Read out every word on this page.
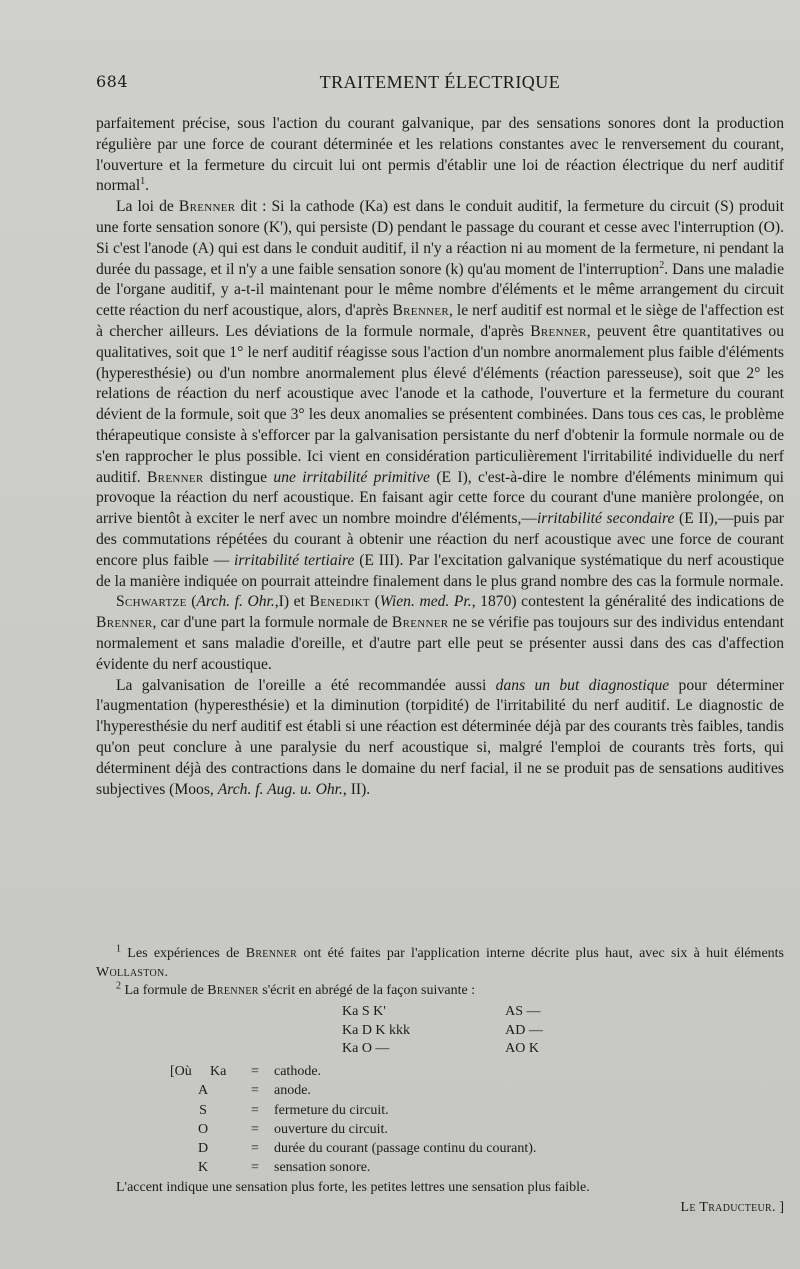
684	TRAITEMENT ÉLECTRIQUE

parfaitement précise, sous l'action du courant galvanique, par des sensations sonores dont la production régulière par une force de courant déterminée et les relations constantes avec le renversement du courant, l'ouverture et la fermeture du circuit lui ont permis d'établir une loi de réaction électrique du nerf auditif normal$^1$.

La loi de Brenner dit : Si la cathode (Ka) est dans le conduit auditif, la fermeture du circuit (S) produit une forte sensation sonore (K'), qui persiste (D) pendant le passage du courant et cesse avec l'interruption (O). Si c'est l'anode (A) qui est dans le conduit auditif, il n'y a réaction ni au moment de la fermeture, ni pendant la durée du passage, et il n'y a une faible sensation sonore (k) qu'au moment de l'interruption$^2$. Dans une maladie de l'organe auditif, y a-t-il maintenant pour le même nombre d'éléments et le même arrangement du circuit cette réaction du nerf acoustique, alors, d'après Brenner, le nerf auditif est normal et le siège de l'affection est à chercher ailleurs. Les déviations de la formule normale, d'après Brenner, peuvent être quantitatives ou qualitatives, soit que 1° le nerf auditif réagisse sous l'action d'un nombre anormalement plus faible d'éléments (hyperesthésie) ou d'un nombre anormalement plus élevé d'éléments (réaction paresseuse), soit que 2° les relations de réaction du nerf acoustique avec l'anode et la cathode, l'ouverture et la fermeture du courant dévient de la formule, soit que 3° les deux anomalies se présentent combinées. Dans tous ces cas, le problème thérapeutique consiste à s'efforcer par la galvanisation persistante du nerf d'obtenir la formule normale ou de s'en rapprocher le plus possible. Ici vient en considération particulièrement l'irritabilité individuelle du nerf auditif. Brenner distingue une irritabilité primitive (E I), c'est-à-dire le nombre d'éléments minimum qui provoque la réaction du nerf acoustique. En faisant agir cette force du courant d'une manière prolongée, on arrive bientôt à exciter le nerf avec un nombre moindre d'éléments,—irritabilité secondaire (E II),—puis par des commutations répétées du courant à obtenir une réaction du nerf acoustique avec une force de courant encore plus faible — irritabilité tertiaire (E III). Par l'excitation galvanique systématique du nerf acoustique de la manière indiquée on pourrait atteindre finalement dans le plus grand nombre des cas la formule normale.

Schwartze (Arch. f. Ohr.,I) et Benedikt (Wien. med. Pr., 1870) contestent la généralité des indications de Brenner, car d'une part la formule normale de Brenner ne se vérifie pas toujours sur des individus entendant normalement et sans maladie d'oreille, et d'autre part elle peut se présenter aussi dans des cas d'affection évidente du nerf acoustique.

La galvanisation de l'oreille a été recommandée aussi dans un but diagnostique pour déterminer l'augmentation (hyperesthésie) et la diminution (torpidité) de l'irritabilité du nerf auditif. Le diagnostic de l'hyperesthésie du nerf auditif est établi si une réaction est déterminée déjà par des courants très faibles, tandis qu'on peut conclure à une paralysie du nerf acoustique si, malgré l'emploi de courants très forts, qui déterminent déjà des contractions dans le domaine du nerf facial, il ne se produit pas de sensations auditives subjectives (Moos, Arch. f. Aug. u. Ohr., II).

$^1$ Les expériences de Brenner ont été faites par l'application interne décrite plus haut, avec six à huit éléments Wollaston.

$^2$ La formule de Brenner s'écrit en abrégé de la façon suivante :

Ka S K'	AS —
Ka D K kkk	AD —
Ka O —	AO K
[Où	Ka	=	cathode.
A	=	anode.
S	=	fermeture du circuit.
O	=	ouverture du circuit.
D	=	durée du courant (passage continu du courant).
K	=	sensation sonore.
L'accent indique une sensation plus forte, les petites lettres une sensation plus faible.
Le Traducteur. ]
